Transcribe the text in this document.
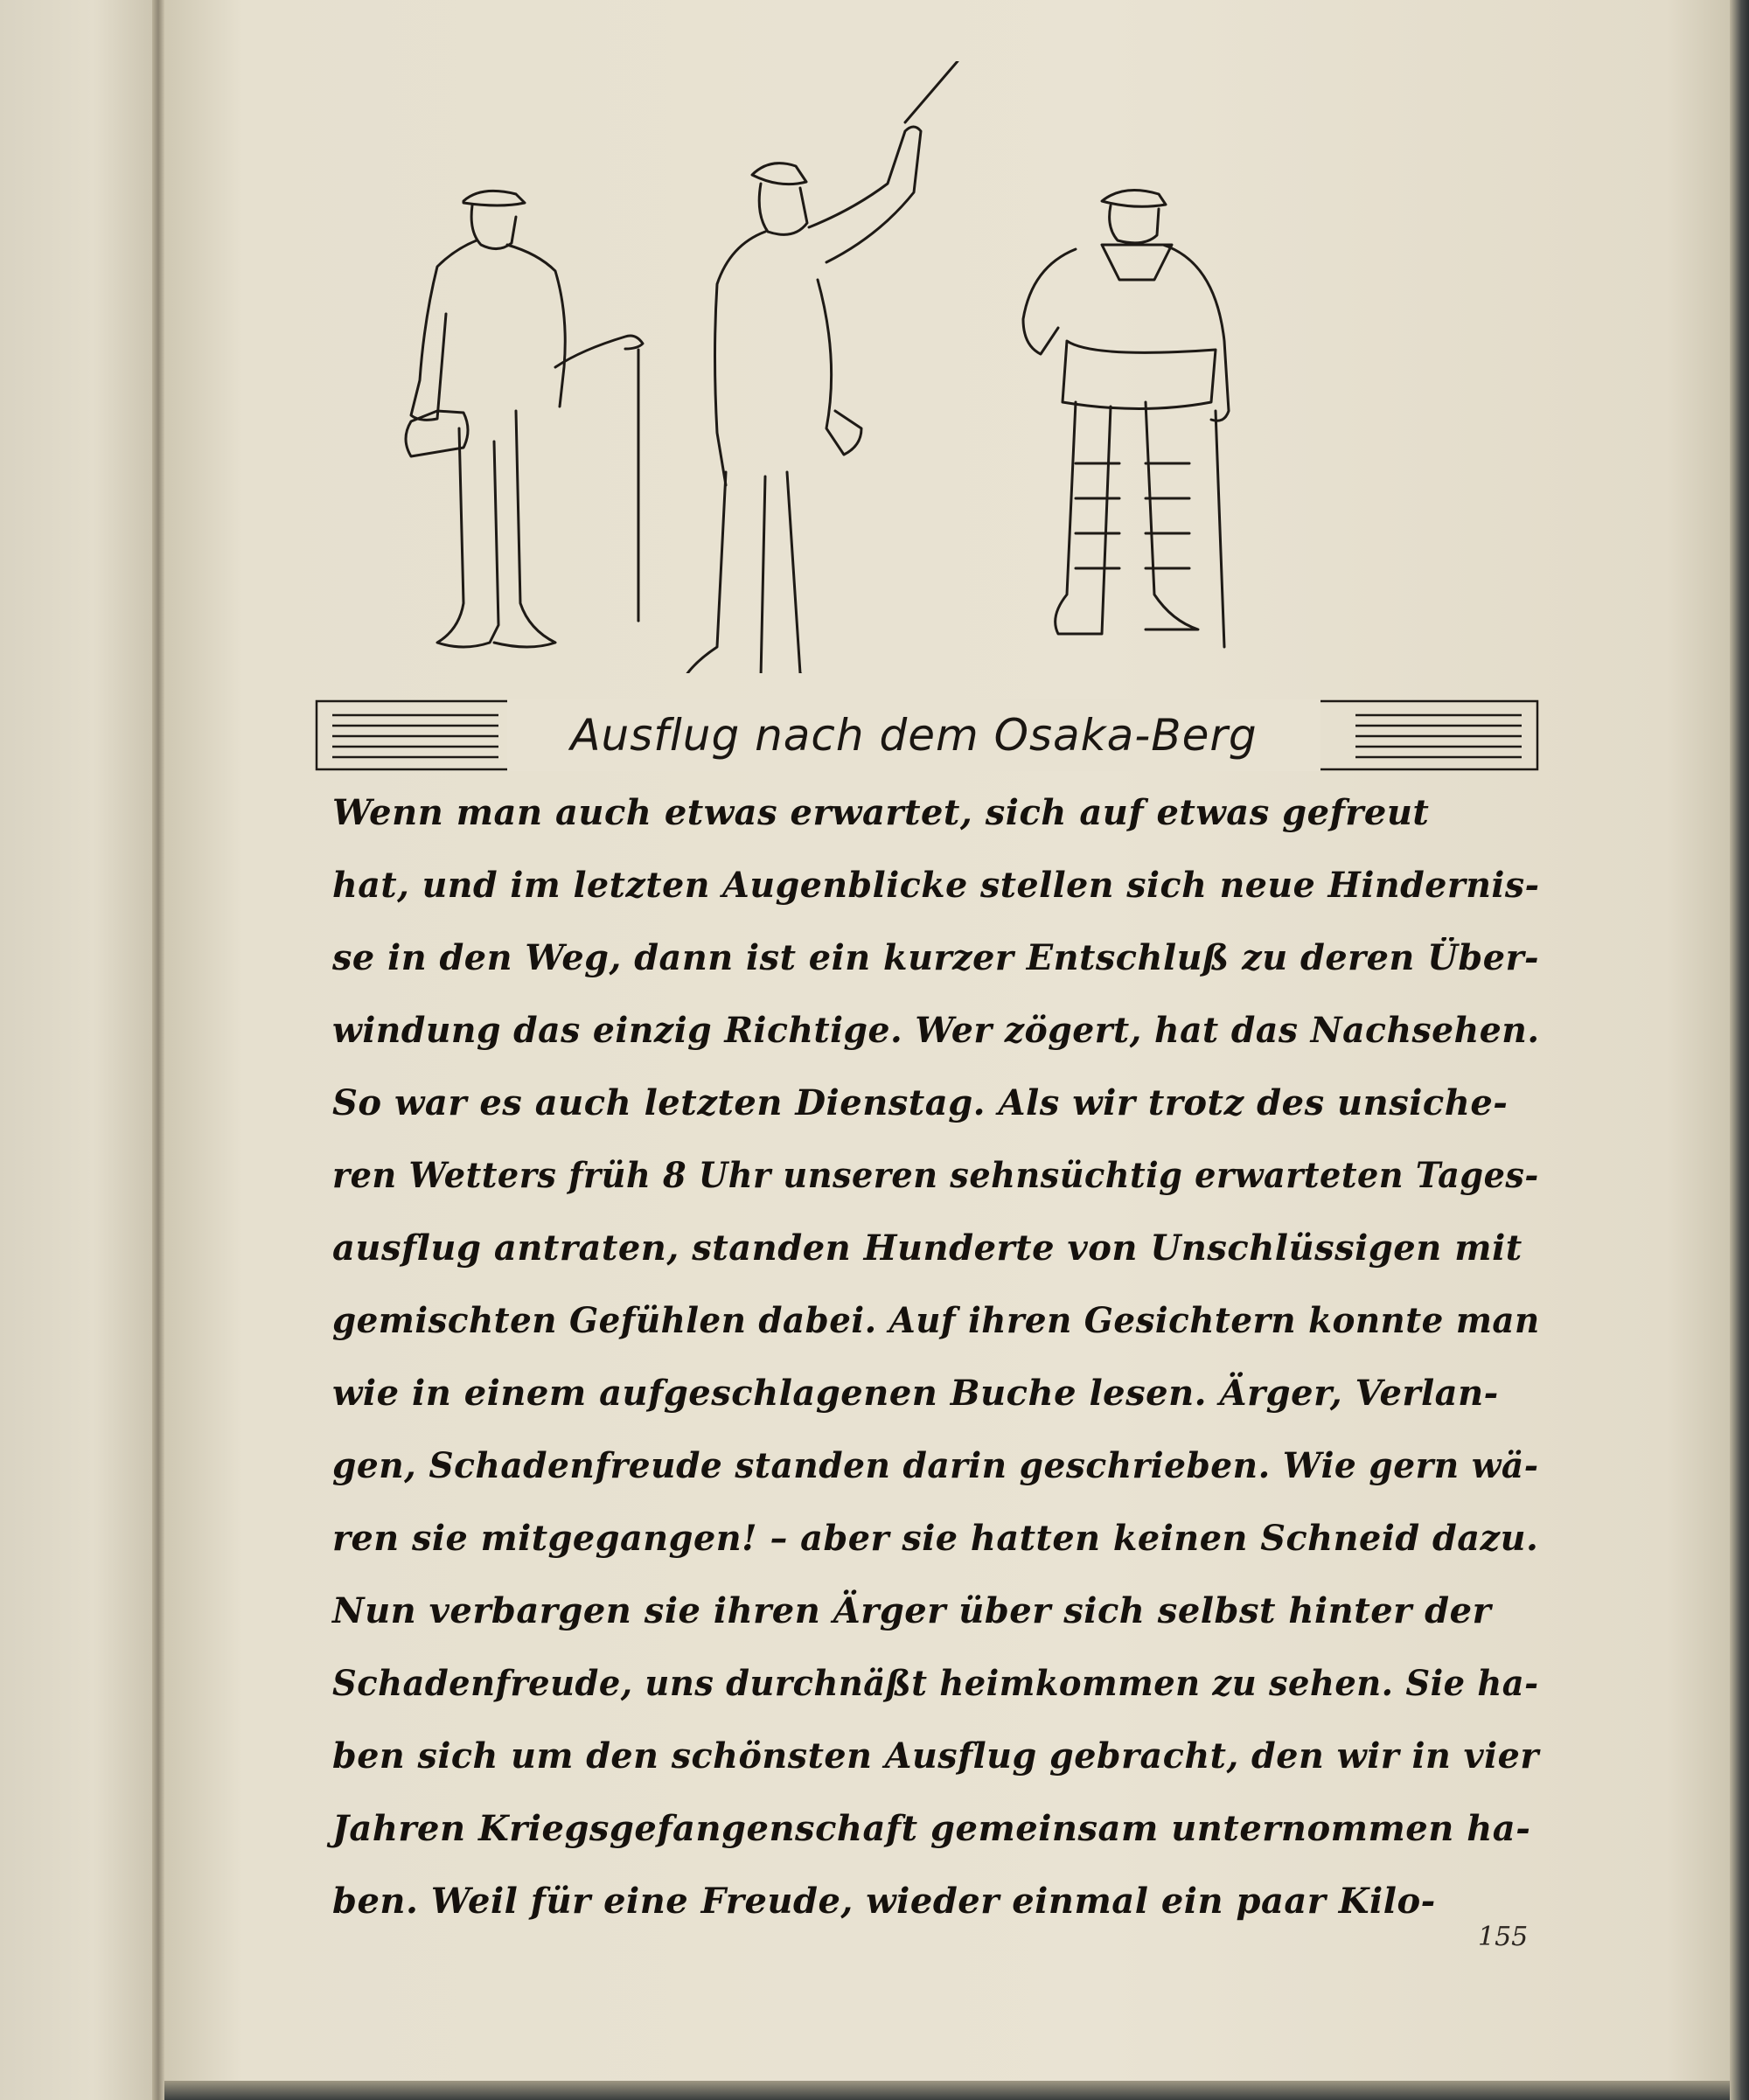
Ausflug nach dem Osaka-Berg
Wenn man auch etwas erwartet, sich auf etwas gefreut
hat, und im letzten Augenblicke stellen sich neue Hindernis-
se in den Weg, dann ist ein kurzer Entschluß zu deren Über-
windung das einzig Richtige. Wer zögert, hat das Nachsehen.
So war es auch letzten Dienstag. Als wir trotz des unsiche-
ren Wetters früh 8 Uhr unseren sehnsüchtig erwarteten Tages-
ausflug antraten, standen Hunderte von Unschlüssigen mit
gemischten Gefühlen dabei. Auf ihren Gesichtern konnte man
wie in einem aufgeschlagenen Buche lesen. Ärger, Verlan-
gen, Schadenfreude standen darin geschrieben. Wie gern wä-
ren sie mitgegangen! – aber sie hatten keinen Schneid dazu.
Nun verbargen sie ihren Ärger über sich selbst hinter der
Schadenfreude, uns durchnäßt heimkommen zu sehen. Sie ha-
ben sich um den schönsten Ausflug gebracht, den wir in vier
Jahren Kriegsgefangenschaft gemeinsam unternommen ha-
ben. Weil für eine Freude, wieder einmal ein paar Kilo-
155
